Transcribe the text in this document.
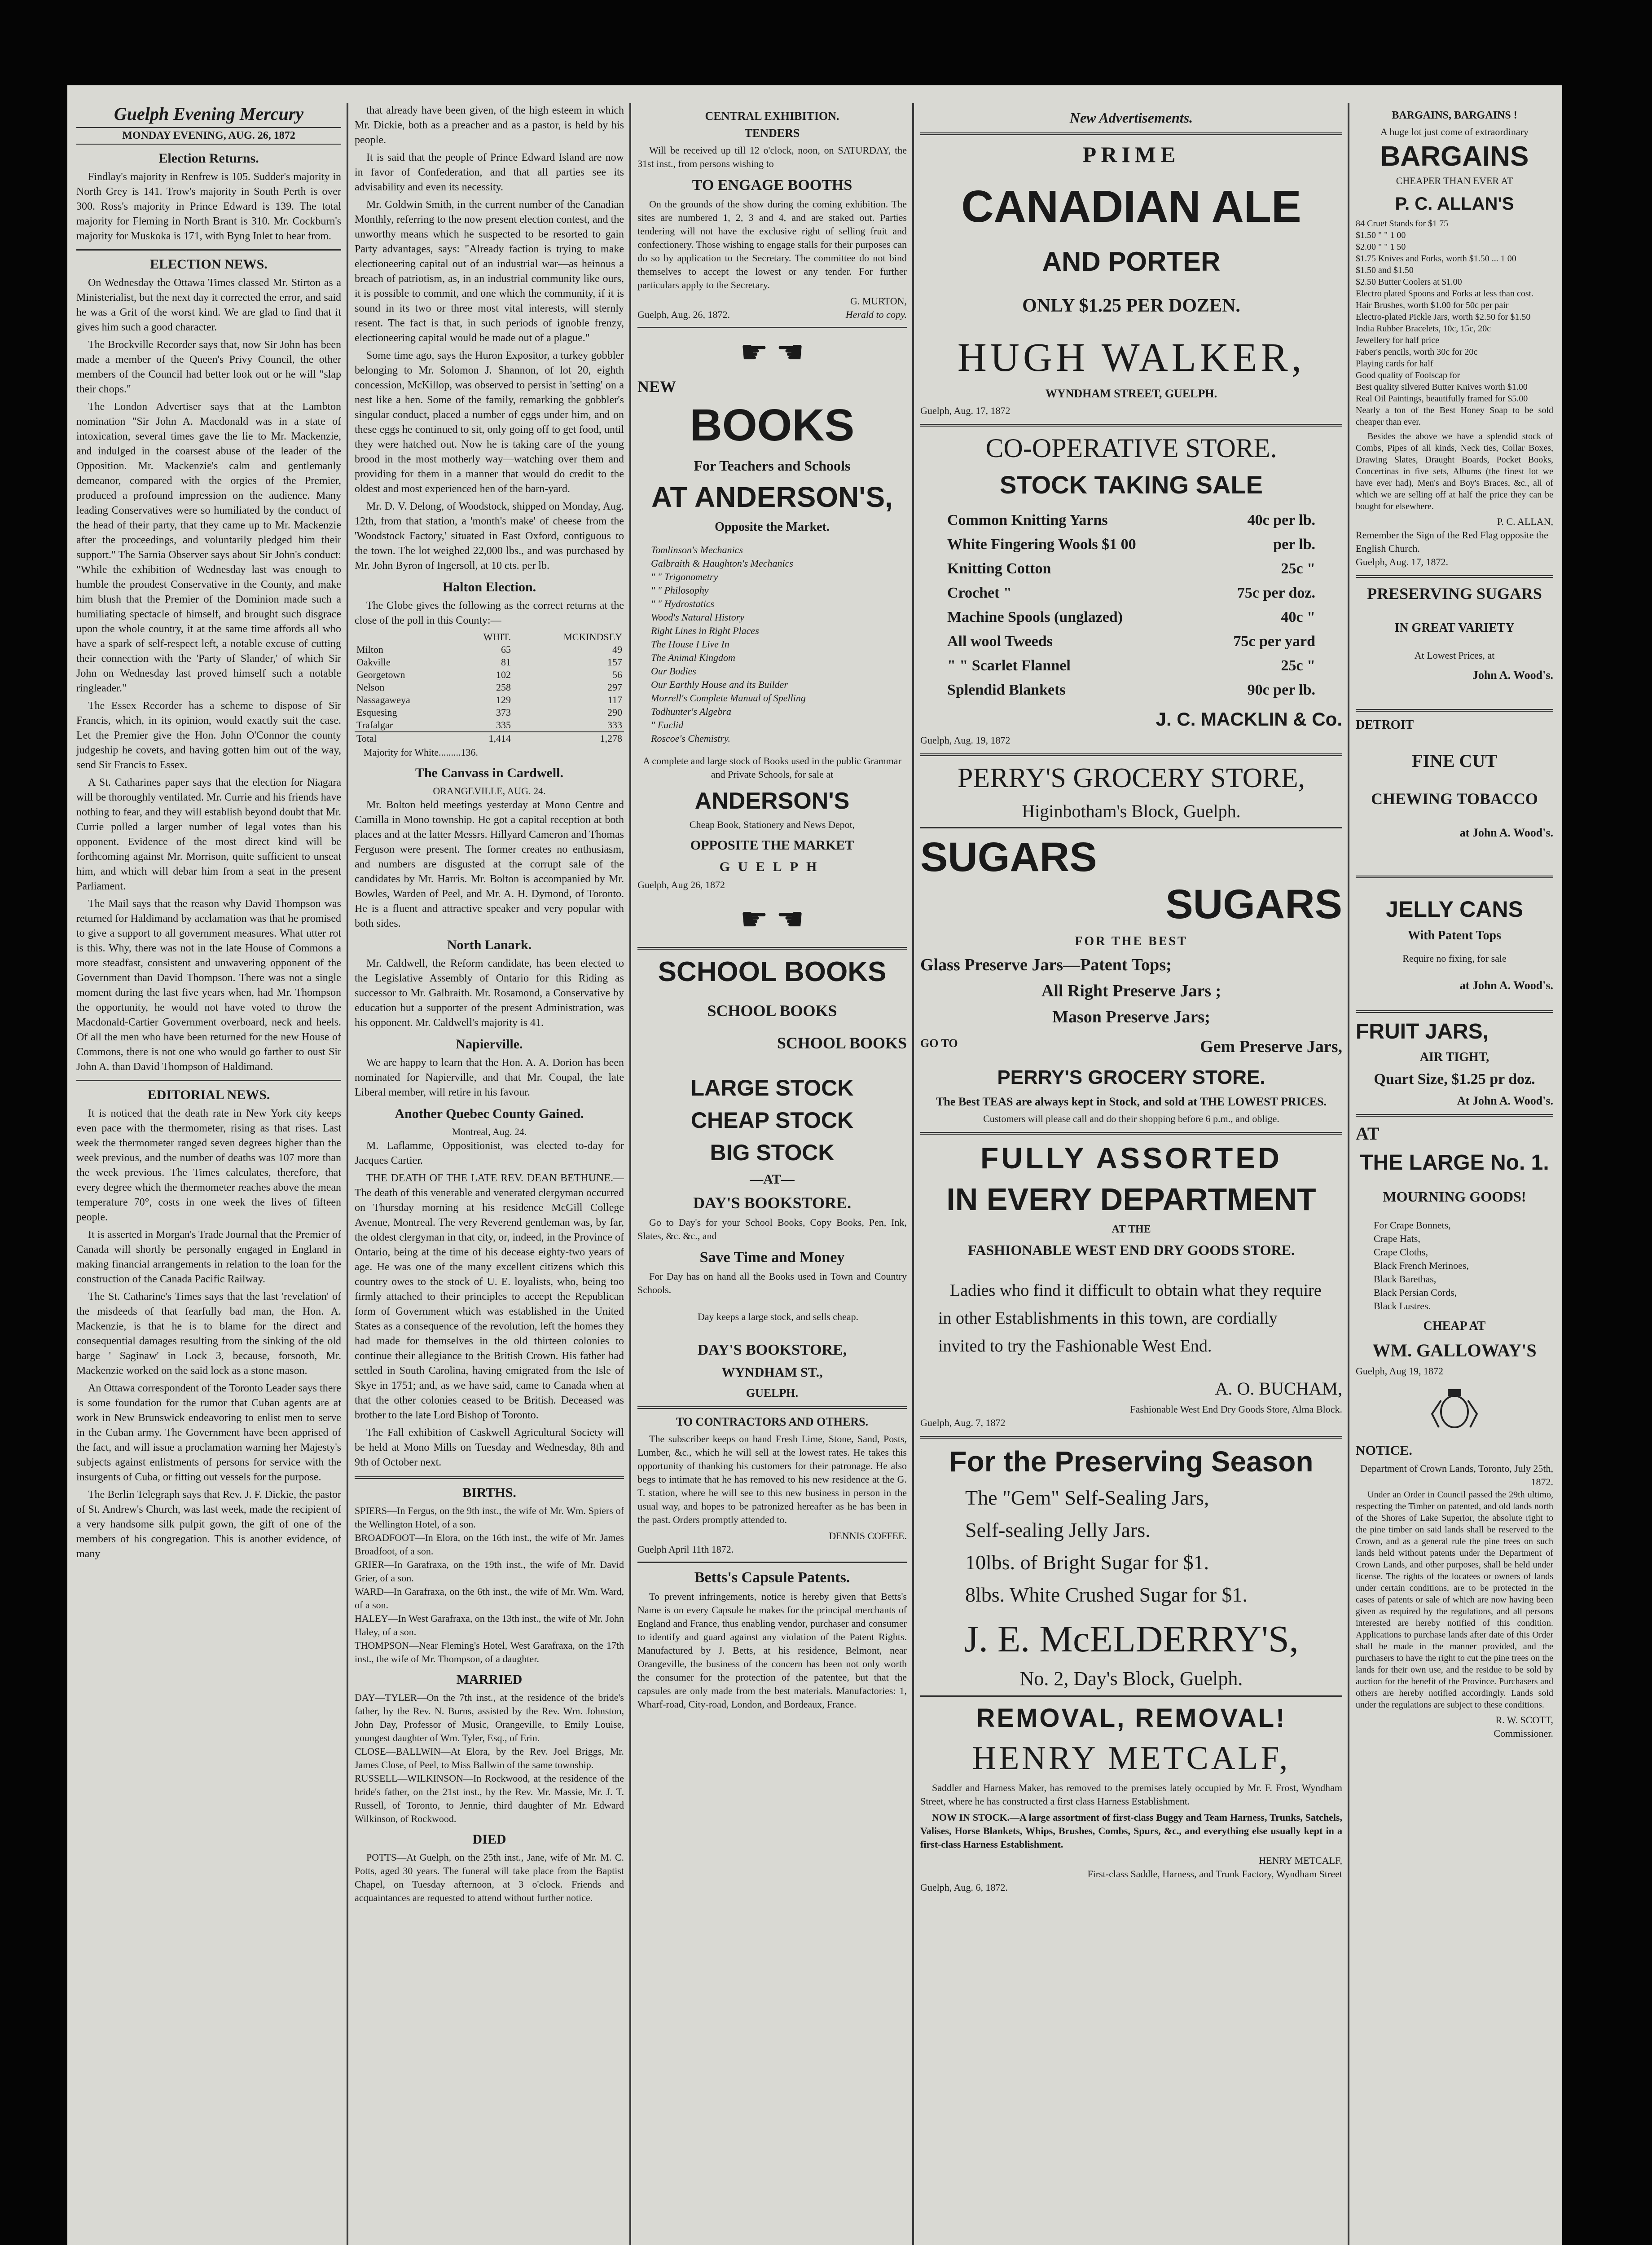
Guelph Evening Mercury
MONDAY EVENING, AUG. 26, 1872
Election Returns.

Findlay's majority in Renfrew is 105. Sudder's majority in North Grey is 141. Trow's majority in South Perth is over 300. Ross's majority in Prince Edward is 139. The total majority for Fleming in North Brant is 310. Mr. Cockburn's majority for Muskoka is 171, with Byng Inlet to hear from.

ELECTION NEWS.

On Wednesday the Ottawa Times classed Mr. Stirton as a Ministerialist, but the next day it corrected the error, and said he was a Grit of the worst kind. We are glad to find that it gives him such a good character.

The Brockville Recorder says that, now Sir John has been made a member of the Queen's Privy Council, the other members of the Council had better look out or he will "slap their chops."

The London Advertiser says that at the Lambton nomination "Sir John A. Macdonald was in a state of intoxication, several times gave the lie to Mr. Mackenzie, and indulged in the coarsest abuse of the leader of the Opposition. Mr. Mackenzie's calm and gentlemanly demeanor, compared with the orgies of the Premier, produced a profound impression on the audience. Many leading Conservatives were so humiliated by the conduct of the head of their party, that they came up to Mr. Mackenzie after the proceedings, and voluntarily pledged him their support." The Sarnia Observer says about Sir John's conduct: "While the exhibition of Wednesday last was enough to humble the proudest Conservative in the County, and make him blush that the Premier of the Dominion made such a humiliating spectacle of himself, and brought such disgrace upon the whole country, it at the same time affords all who have a spark of self-respect left, a notable excuse of cutting their connection with the 'Party of Slander,' of which Sir John on Wednesday last proved himself such a notable ringleader."

The Essex Recorder has a scheme to dispose of Sir Francis, which, in its opinion, would exactly suit the case. Let the Premier give the Hon. John O'Connor the county judgeship he covets, and having gotten him out of the way, send Sir Francis to Essex.

A St. Catharines paper says that the election for Niagara will be thoroughly ventilated. Mr. Currie and his friends have nothing to fear, and they will establish beyond doubt that Mr. Currie polled a larger number of legal votes than his opponent. Evidence of the most direct kind will be forthcoming against Mr. Morrison, quite sufficient to unseat him, and which will debar him from a seat in the present Parliament.

The Mail says that the reason why David Thompson was returned for Haldimand by acclamation was that he promised to give a support to all government measures. What utter rot is this. Why, there was not in the late House of Commons a more steadfast, consistent and unwavering opponent of the Government than David Thompson. There was not a single moment during the last five years when, had Mr. Thompson the opportunity, he would not have voted to throw the Macdonald-Cartier Government overboard, neck and heels. Of all the men who have been returned for the new House of Commons, there is not one who would go farther to oust Sir John A. than David Thompson of Haldimand.

EDITORIAL NEWS.

It is noticed that the death rate in New York city keeps even pace with the thermometer, rising as that rises. Last week the thermometer ranged seven degrees higher than the week previous, and the number of deaths was 107 more than the week previous. The Times calculates, therefore, that every degree which the thermometer reaches above the mean temperature 70°, costs in one week the lives of fifteen people.

It is asserted in Morgan's Trade Journal that the Premier of Canada will shortly be personally engaged in England in making financial arrangements in relation to the loan for the construction of the Canada Pacific Railway.

The St. Catharine's Times says that the last 'revelation' of the misdeeds of that fearfully bad man, the Hon. A. Mackenzie, is that he is to blame for the direct and consequential damages resulting from the sinking of the old barge ' Saginaw' in Lock 3, because, forsooth, Mr. Mackenzie worked on the said lock as a stone mason.

An Ottawa correspondent of the Toronto Leader says there is some foundation for the rumor that Cuban agents are at work in New Brunswick endeavoring to enlist men to serve in the Cuban army. The Government have been apprised of the fact, and will issue a proclamation warning her Majesty's subjects against enlistments of persons for service with the insurgents of Cuba, or fitting out vessels for the purpose.

The Berlin Telegraph says that Rev. J. F. Dickie, the pastor of St. Andrew's Church, was last week, made the recipient of a very handsome silk pulpit gown, the gift of one of the members of his congregation. This is another evidence, of many

that already have been given, of the high esteem in which Mr. Dickie, both as a preacher and as a pastor, is held by his people.

It is said that the people of Prince Edward Island are now in favor of Confederation, and that all parties see its advisability and even its necessity.

Mr. Goldwin Smith, in the current number of the Canadian Monthly, referring to the now present election contest, and the unworthy means which he suspected to be resorted to gain Party advantages, says: "Already faction is trying to make electioneering capital out of an industrial war—as heinous a breach of patriotism, as, in an industrial community like ours, it is possible to commit, and one which the community, if it is sound in its two or three most vital interests, will sternly resent. The fact is that, in such periods of ignoble frenzy, electioneering capital would be made out of a plague."

Some time ago, says the Huron Expositor, a turkey gobbler belonging to Mr. Solomon J. Shannon, of lot 20, eighth concession, McKillop, was observed to persist in 'setting' on a nest like a hen. Some of the family, remarking the gobbler's singular conduct, placed a number of eggs under him, and on these eggs he continued to sit, only going off to get food, until they were hatched out. Now he is taking care of the young brood in the most motherly way—watching over them and providing for them in a manner that would do credit to the oldest and most experienced hen of the barn-yard.

Mr. D. V. Delong, of Woodstock, shipped on Monday, Aug. 12th, from that station, a 'month's make' of cheese from the 'Woodstock Factory,' situated in East Oxford, contiguous to the town. The lot weighed 22,000 lbs., and was purchased by Mr. John Byron of Ingersoll, at 10 cts. per lb.

Halton Election.

The Globe gives the following as the correct returns at the close of the poll in this County:—

	WHIT.	MCKINDSEY
Milton	65	49
Oakville	81	157
Georgetown	102	56
Nelson	258	297
Nassagaweya	129	117
Esquesing	373	290
Trafalgar	335	333
Total	1,414	1,278
Majority for White.........136.
The Canvass in Cardwell.
ORANGEVILLE, AUG. 24.

Mr. Bolton held meetings yesterday at Mono Centre and Camilla in Mono township. He got a capital reception at both places and at the latter Messrs. Hillyard Cameron and Thomas Ferguson were present. The former creates no enthusiasm, and numbers are disgusted at the corrupt sale of the candidates by Mr. Harris. Mr. Bolton is accompanied by Mr. Bowles, Warden of Peel, and Mr. A. H. Dymond, of Toronto. He is a fluent and attractive speaker and very popular with both sides.

North Lanark.

Mr. Caldwell, the Reform candidate, has been elected to the Legislative Assembly of Ontario for this Riding as successor to Mr. Galbraith. Mr. Rosamond, a Conservative by education but a supporter of the present Administration, was his opponent. Mr. Caldwell's majority is 41.

Napierville.

We are happy to learn that the Hon. A. A. Dorion has been nominated for Napierville, and that Mr. Coupal, the late Liberal member, will retire in his favour.

Another Quebec County Gained.
Montreal, Aug. 24.

M. Laflamme, Oppositionist, was elected to-day for Jacques Cartier.

THE DEATH OF THE LATE REV. DEAN BETHUNE.—The death of this venerable and venerated clergyman occurred on Thursday morning at his residence McGill College Avenue, Montreal. The very Reverend gentleman was, by far, the oldest clergyman in that city, or, indeed, in the Province of Ontario, being at the time of his decease eighty-two years of age. He was one of the many excellent citizens which this country owes to the stock of U. E. loyalists, who, being too firmly attached to their principles to accept the Republican form of Government which was established in the United States as a consequence of the revolution, left the homes they had made for themselves in the old thirteen colonies to continue their allegiance to the British Crown. His father had settled in South Carolina, having emigrated from the Isle of Skye in 1751; and, as we have said, came to Canada when at that the other colonies ceased to be British. Deceased was brother to the late Lord Bishop of Toronto.

The Fall exhibition of Caskwell Agricultural Society will be held at Mono Mills on Tuesday and Wednesday, 8th and 9th of October next.

BIRTHS.

SPIERS—In Fergus, on the 9th inst., the wife of Mr. Wm. Spiers of the Wellington Hotel, of a son.
BROADFOOT—In Elora, on the 16th inst., the wife of Mr. James Broadfoot, of a son.
GRIER—In Garafraxa, on the 19th inst., the wife of Mr. David Grier, of a son.
WARD—In Garafraxa, on the 6th inst., the wife of Mr. Wm. Ward, of a son.
HALEY—In West Garafraxa, on the 13th inst., the wife of Mr. John Haley, of a son.
THOMPSON—Near Fleming's Hotel, West Garafraxa, on the 17th inst., the wife of Mr. Thompson, of a daughter.

MARRIED

DAY—TYLER—On the 7th inst., at the residence of the bride's father, by the Rev. N. Burns, assisted by the Rev. Wm. Johnston, John Day, Professor of Music, Orangeville, to Emily Louise, youngest daughter of Wm. Tyler, Esq., of Erin.
CLOSE—BALLWIN—At Elora, by the Rev. Joel Briggs, Mr. James Close, of Peel, to Miss Ballwin of the same township.
RUSSELL—WILKINSON—In Rockwood, at the residence of the bride's father, on the 21st inst., by the Rev. Mr. Massie, Mr. J. T. Russell, of Toronto, to Jennie, third daughter of Mr. Edward Wilkinson, of Rockwood.

DIED

POTTS—At Guelph, on the 25th inst., Jane, wife of Mr. M. C. Potts, aged 30 years. The funeral will take place from the Baptist Chapel, on Tuesday afternoon, at 3 o'clock. Friends and acquaintances are requested to attend without further notice.

CENTRAL EXHIBITION.
TENDERS

Will be received up till 12 o'clock, noon, on SATURDAY, the 31st inst., from persons wishing to

TO ENGAGE BOOTHS

On the grounds of the show during the coming exhibition. The sites are numbered 1, 2, 3 and 4, and are staked out. Parties tendering will not have the exclusive right of selling fruit and confectionery. Those wishing to engage stalls for their purposes can do so by application to the Secretary. The committee do not bind themselves to accept the lowest or any tender. For further particulars apply to the Secretary.

G. MURTON,
Guelph, Aug. 26, 1872.	Herald to copy.
☛ ☚
NEW
BOOKS
For Teachers and Schools
AT ANDERSON'S,
Opposite the Market.

Tomlinson's Mechanics
Galbraith & Haughton's Mechanics
" " Trigonometry
" " Philosophy
" " Hydrostatics
Wood's Natural History
Right Lines in Right Places
The House I Live In
The Animal Kingdom
Our Bodies
Our Earthly House and its Builder
Morrell's Complete Manual of Spelling
Todhunter's Algebra
" Euclid
Roscoe's Chemistry.

A complete and large stock of Books used in the public Grammar and Private Schools, for sale at

ANDERSON'S
Cheap Book, Stationery and News Depot,
OPPOSITE THE MARKET
GUELPH
Guelph, Aug 26, 1872
☛ ☚
SCHOOL BOOKS
SCHOOL BOOKS
SCHOOL BOOKS
LARGE STOCK
CHEAP STOCK
BIG STOCK
—AT—
DAY'S BOOKSTORE.

Go to Day's for your School Books, Copy Books, Pen, Ink, Slates, &c. &c., and

Save Time and Money

For Day has on hand all the Books used in Town and Country Schools.

Day keeps a large stock, and sells cheap.

DAY'S BOOKSTORE,
WYNDHAM ST.,
GUELPH.
TO CONTRACTORS AND OTHERS.

The subscriber keeps on hand Fresh Lime, Stone, Sand, Posts, Lumber, &c., which he will sell at the lowest rates. He takes this opportunity of thanking his customers for their patronage. He also begs to intimate that he has removed to his new residence at the G. T. station, where he will see to this new business in person in the usual way, and hopes to be patronized hereafter as he has been in the past. Orders promptly attended to.

DENNIS COFFEE.
Guelph April 11th 1872.
Betts's Capsule Patents.

To prevent infringements, notice is hereby given that Betts's Name is on every Capsule he makes for the principal merchants of England and France, thus enabling vendor, purchaser and consumer to identify and guard against any violation of the Patent Rights. Manufactured by J. Betts, at his residence, Belmont, near Orangeville, the business of the concern has been not only worth the consumer for the protection of the patentee, but that the capsules are only made from the best materials. Manufactories: 1, Wharf-road, City-road, London, and Bordeaux, France.

New Advertisements.
PRIME
CANADIAN ALE
AND PORTER
ONLY $1.25 PER DOZEN.
HUGH WALKER,
WYNDHAM STREET, GUELPH.
Guelph, Aug. 17, 1872
CO-OPERATIVE STORE.
STOCK TAKING SALE
Common Knitting Yarns	40c per lb.
White Fingering Wools $1 00	per lb.
Knitting Cotton	25c "
Crochet "	75c per doz.
Machine Spools (unglazed)	40c "
All wool Tweeds	75c per yard
" " Scarlet Flannel	25c "
Splendid Blankets	90c per lb.
J. C. MACKLIN & Co.
Guelph, Aug. 19, 1872
PERRY'S GROCERY STORE,
Higinbotham's Block, Guelph.
SUGARS
SUGARS
FOR THE BEST
Glass Preserve Jars—Patent Tops;
All Right Preserve Jars ;
Mason Preserve Jars;
GO TO	Gem Preserve Jars,
PERRY'S GROCERY STORE.
The Best TEAS are always kept in Stock, and sold at THE LOWEST PRICES.
Customers will please call and do their shopping before 6 p.m., and oblige.
FULLY ASSORTED
IN EVERY DEPARTMENT
AT THE
FASHIONABLE WEST END DRY GOODS STORE.

Ladies who find it difficult to obtain what they require in other Establishments in this town, are cordially invited to try the Fashionable West End.

A. O. BUCHAM,
Fashionable West End Dry Goods Store, Alma Block.
Guelph, Aug. 7, 1872
For the Preserving Season
The "Gem" Self-Sealing Jars,
Self-sealing Jelly Jars.
10lbs. of Bright Sugar for $1.
8lbs. White Crushed Sugar for $1.
J. E. McELDERRY'S,
No. 2, Day's Block, Guelph.
REMOVAL, REMOVAL!
HENRY METCALF,

Saddler and Harness Maker, has removed to the premises lately occupied by Mr. F. Frost, Wyndham Street, where he has constructed a first class Harness Establishment.

NOW IN STOCK.—A large assortment of first-class Buggy and Team Harness, Trunks, Satchels, Valises, Horse Blankets, Whips, Brushes, Combs, Spurs, &c., and everything else usually kept in a first-class Harness Establishment.

HENRY METCALF,
First-class Saddle, Harness, and Trunk Factory, Wyndham Street
Guelph, Aug. 6, 1872.
BARGAINS, BARGAINS !
A huge lot just come of extraordinary
BARGAINS
CHEAPER THAN EVER AT
P. C. ALLAN'S

84 Cruet Stands for $1 75
$1.50 " " 1 00
$2.00 " " 1 50
$1.75 Knives and Forks, worth $1.50 ... 1 00
$1.50 and $1.50
$2.50 Butter Coolers at $1.00
Electro plated Spoons and Forks at less than cost.
Hair Brushes, worth $1.00 for 50c per pair
Electro-plated Pickle Jars, worth $2.50 for $1.50
India Rubber Bracelets, 10c, 15c, 20c
Jewellery for half price
Faber's pencils, worth 30c for 20c
Playing cards for half
Good quality of Foolscap for
Best quality silvered Butter Knives worth $1.00
Real Oil Paintings, beautifully framed for $5.00
Nearly a ton of the Best Honey Soap to be sold cheaper than ever.

Besides the above we have a splendid stock of Combs, Pipes of all kinds, Neck ties, Collar Boxes, Drawing Slates, Draught Boards, Pocket Books, Concertinas in five sets, Albums (the finest lot we have ever had), Men's and Boy's Braces, &c., all of which we are selling off at half the price they can be bought for elsewhere.

P. C. ALLAN,
Remember the Sign of the Red Flag opposite the English Church.
Guelph, Aug. 17, 1872.
PRESERVING SUGARS
IN GREAT VARIETY
At Lowest Prices, at
John A. Wood's.
DETROIT
FINE CUT
CHEWING TOBACCO
at John A. Wood's.
JELLY CANS
With Patent Tops
Require no fixing, for sale
at John A. Wood's.
FRUIT JARS,
AIR TIGHT,
Quart Size, $1.25 pr doz.
At John A. Wood's.
AT
THE LARGE No. 1.
MOURNING GOODS!

For Crape Bonnets,
Crape Hats,
Crape Cloths,
Black French Merinoes,
Black Barethas,
Black Persian Cords,
Black Lustres.

CHEAP AT
WM. GALLOWAY'S
Guelph, Aug 19, 1872
NOTICE.
Department of Crown Lands, Toronto, July 25th, 1872.

Under an Order in Council passed the 29th ultimo, respecting the Timber on patented, and old lands north of the Shores of Lake Superior, the absolute right to the pine timber on said lands shall be reserved to the Crown, and as a general rule the pine trees on such lands held without patents under the Department of Crown Lands, and other purposes, shall be held under license. The rights of the locatees or owners of lands under certain conditions, are to be protected in the cases of patents or sale of which are now having been given as required by the regulations, and all persons interested are hereby notified of this condition. Applications to purchase lands after date of this Order shall be made in the manner provided, and the purchasers to have the right to cut the pine trees on the lands for their own use, and the residue to be sold by auction for the benefit of the Province. Purchasers and others are hereby notified accordingly. Lands sold under the regulations are subject to these conditions.

R. W. SCOTT,
Commissioner.
